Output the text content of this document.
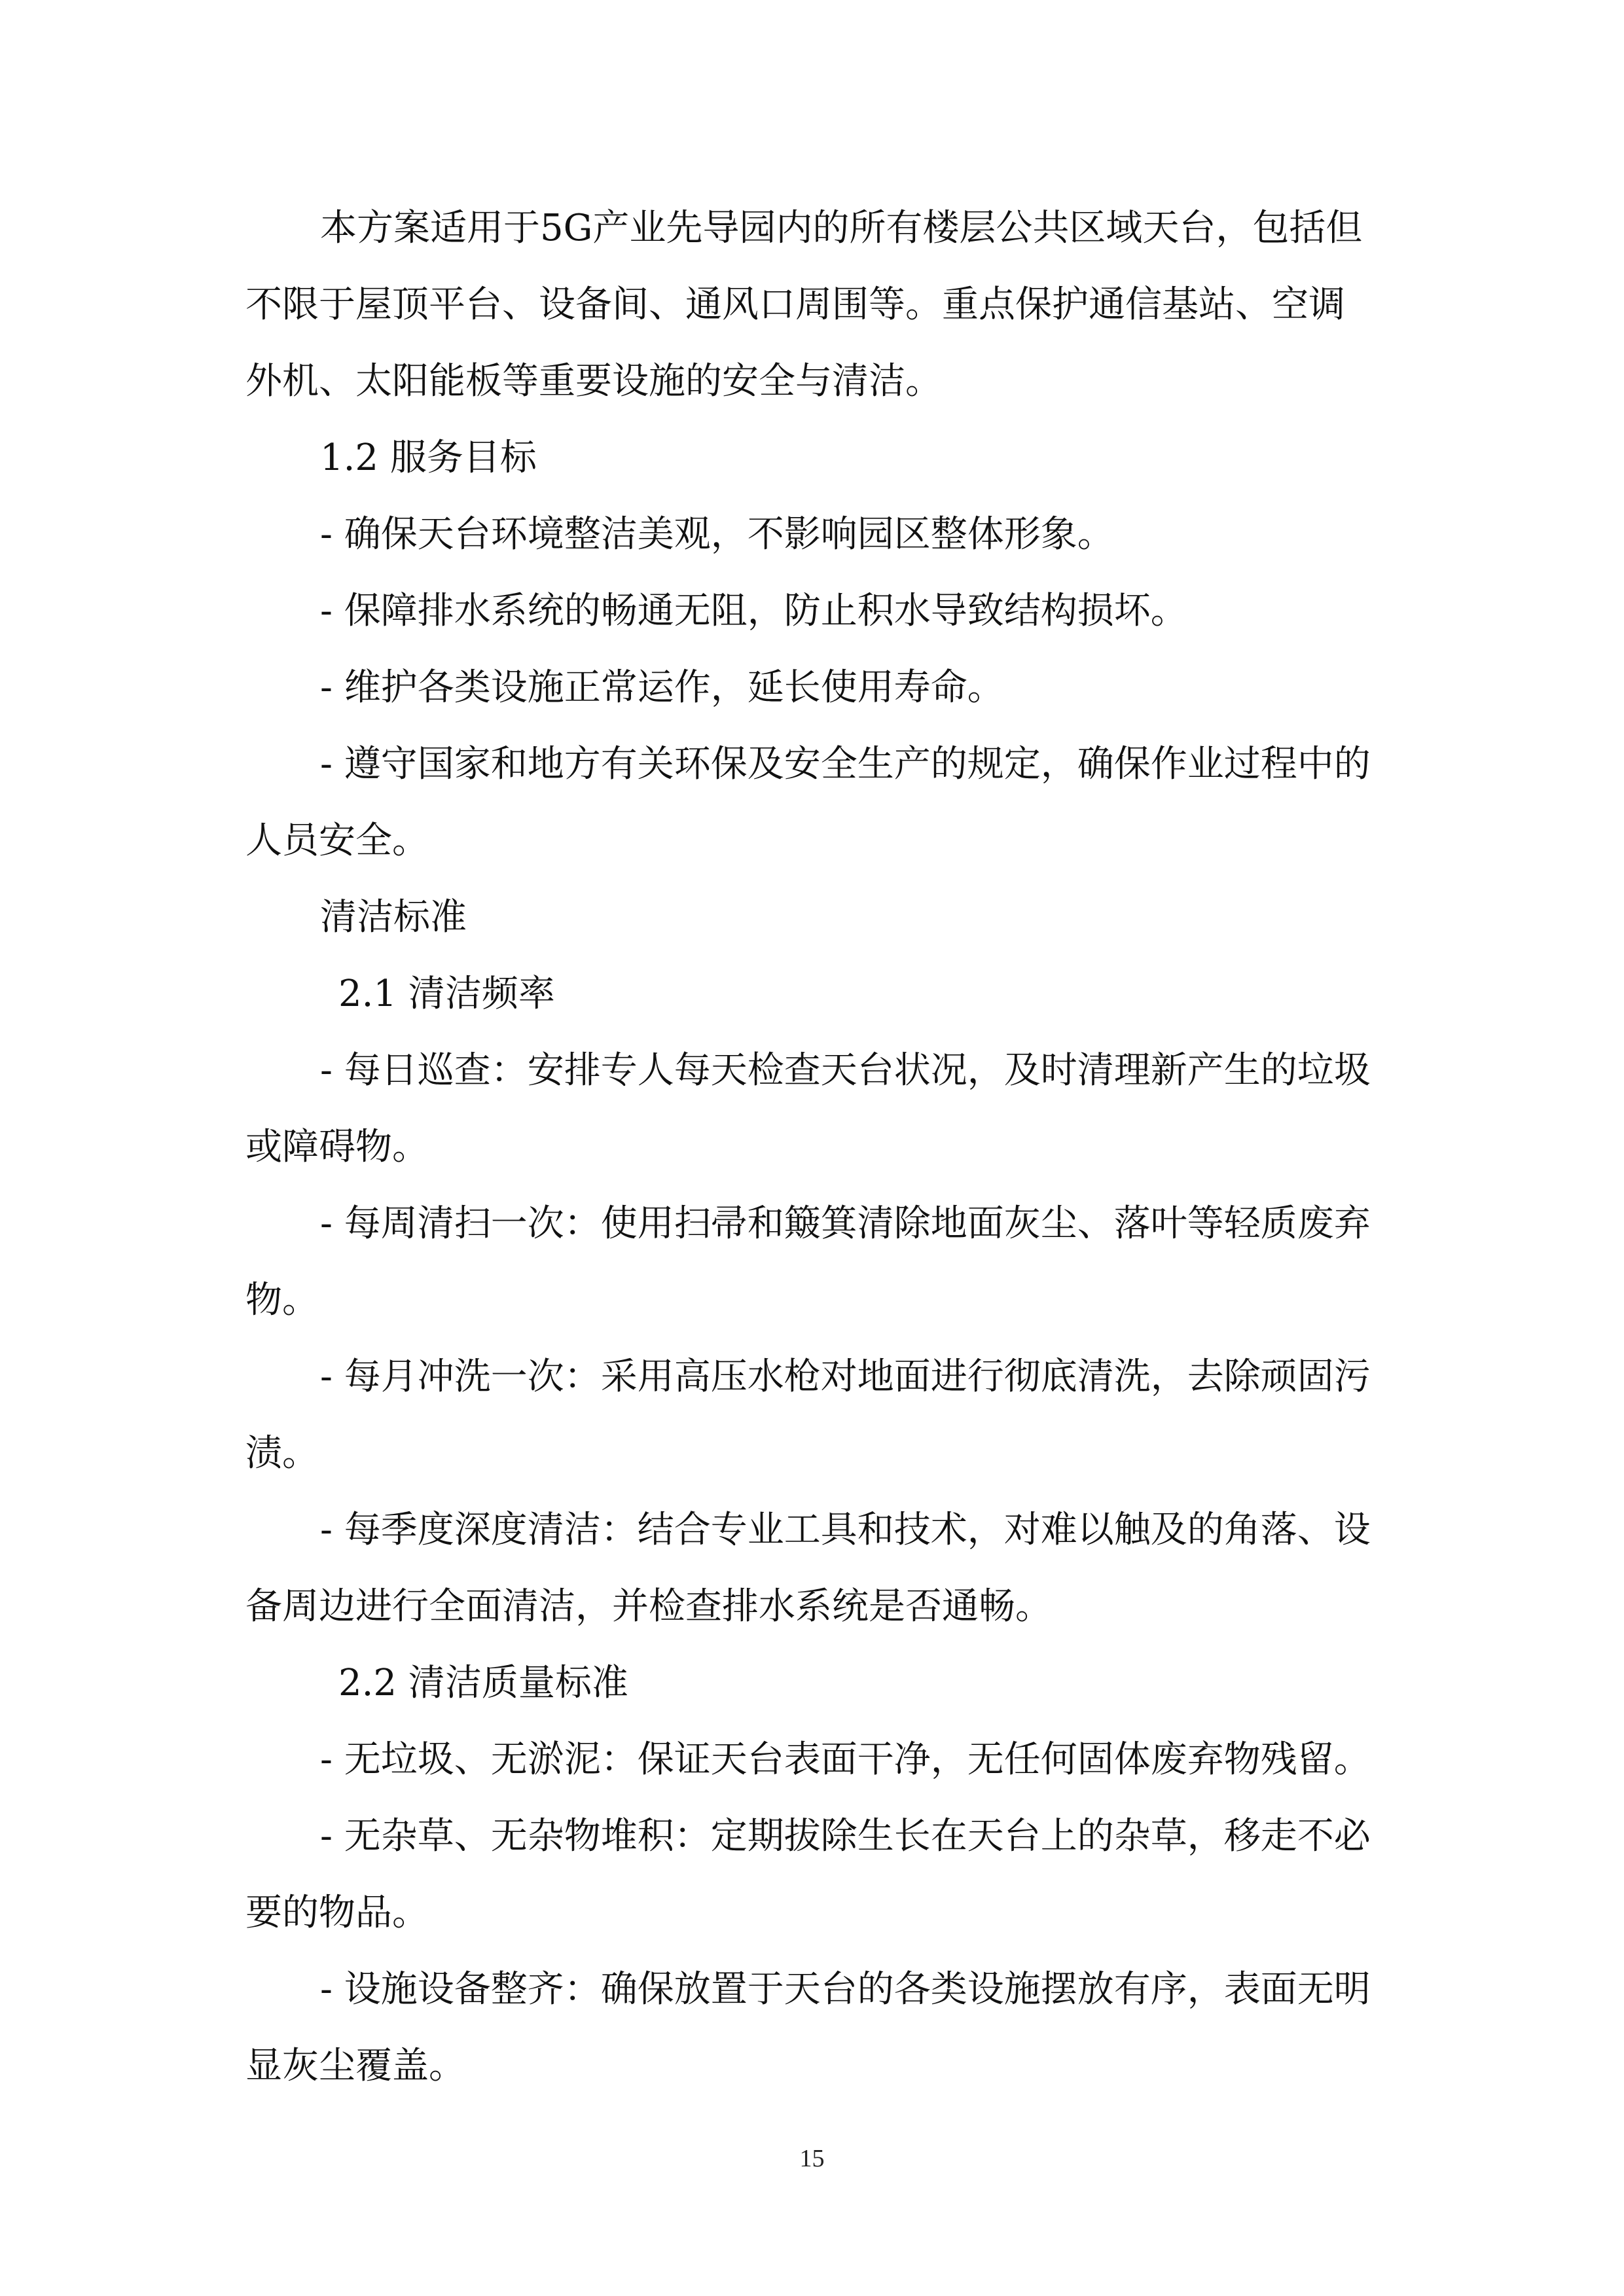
本方案适用于5G产业先导园内的所有楼层公共区域天台，包括但不限于屋顶平台、设备间、通风口周围等。重点保护通信基站、空调外机、太阳能板等重要设施的安全与清洁。

1.2 服务目标

- 确保天台环境整洁美观，不影响园区整体形象。

- 保障排水系统的畅通无阻，防止积水导致结构损坏。

- 维护各类设施正常运作，延长使用寿命。

- 遵守国家和地方有关环保及安全生产的规定，确保作业过程中的人员安全。

清洁标准

2.1 清洁频率

- 每日巡查：安排专人每天检查天台状况，及时清理新产生的垃圾或障碍物。

- 每周清扫一次：使用扫帚和簸箕清除地面灰尘、落叶等轻质废弃物。

- 每月冲洗一次：采用高压水枪对地面进行彻底清洗，去除顽固污渍。

- 每季度深度清洁：结合专业工具和技术，对难以触及的角落、设备周边进行全面清洁，并检查排水系统是否通畅。

2.2 清洁质量标准

- 无垃圾、无淤泥：保证天台表面干净，无任何固体废弃物残留。

- 无杂草、无杂物堆积：定期拔除生长在天台上的杂草，移走不必要的物品。

- 设施设备整齐：确保放置于天台的各类设施摆放有序，表面无明显灰尘覆盖。

15
